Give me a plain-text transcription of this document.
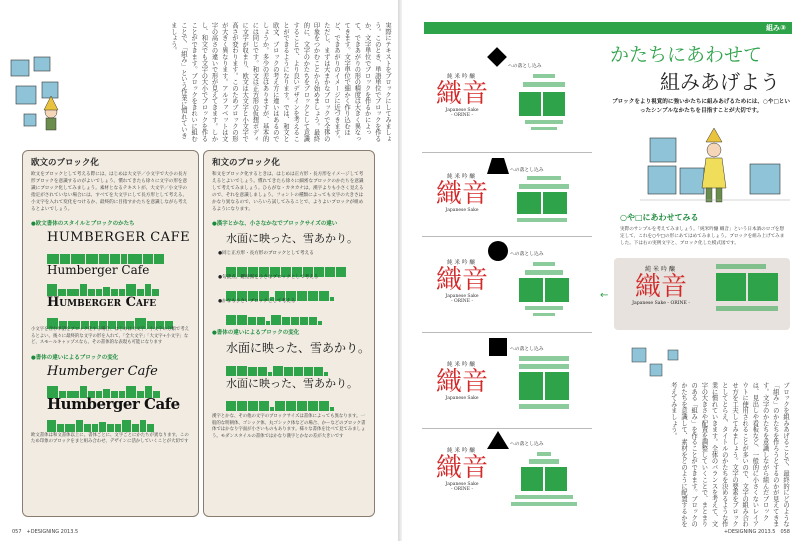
実際にテキストをブロックにしてみましょう。このとき、単語単位でブロックを作るか、文字単位でブロックを作るかによって、できあがりの形の精度は大きく異なってきます。文字単位で細かく作り込むほど、できあがりのイメージに近づきます。ただし、まずは大まかなブロックで全体の印象をつかむことから始めましょう。最終的に、文字のかたちをブロックとして意識することで、より良いデザインを考えることができるようになります。では、和文と欧文、ブロックの考え方に違いはあるのでしょうか。多少の差はありますが、基本的には同じです。和文は正方形の仮想ボディに文字が収まり、欧文は大文字と小文字で高さが変わります。このためブロックの形が大きく異なります。アルファベットは文字の高さの違いで形が見えてきます。しかし、和文でも文字の大小でブロックを作ることができます。ブロックをきれいに組むことで、「組み」という作業に慣れていきましょう。
欧文のブロック化
欧文をブロックとして考える際には、はじめは大文字／小文字で大小の長方形ブロックを意識するのがよいでしょう。慣れてきたら徐々に文字の形を意識にブロック化してみましょう。素材となるテキストが、大文字／小文字の指定がされていない場合には、すべてを大文字にして長方形として考える、小文字を入れて変化をつけるか、最終的に目指すかたちを意識しながら考えるとよいでしょう。
●欧文書体のスタイルとブロックのかたち
HUMBERGER CAFE
Humberger Cafe
Humberger Cafe
小文字を含む単語をブロック化する場合、はじめは大文字／小文字の分類で考えるとよい。後々に最終的な文字の形を入れて、「全大文字」「大文字+小文字」など、スモールキャップスなら、その書体的な表現も可能になります
●書体の違いによるブロックの変化
Humberger Cafe
Humberger Cafe
欧文書体は和文書体以上に、書体ごとに、文字ごとにかたちが異なります。このため印象のブロックをまと組み合わせ、デザインに活かしていくことが大切です
和文のブロック化
和文をブロック化するときは、はじめは正方形・長方形をイメージして考えるとよいでしょう。慣れてきたら徐々に細密なブロックのかたちを意識して考えてみましょう。ひらがな・カタカナは、漢字よりも小さく見えるので、それを意識しましょう。フォントの種類によっても文字の大きさはかなり異なるので、いろいろ試してみることで、よりよいブロックが組めるようになります。
●漢字とかな、小さなかなでブロックサイズの違い
水面に映った、雪あかり。
●同じ正方形・長方形のブロックとして考える
●句読点、鍵括弧を小さなブロックとして考える
●かなも小さいブロックとして考える
●書体の違いによるブロックの変化
水面に映った、雪あかり。
水面に映った、雪あかり。
漢字とかな、その他の文字のブロックサイズは書体によっても異なります。一般的な明朝体、ゴシック体、丸ゴシック体などの場合、かーなどのブロック書体ではかなり字面が小さいものもあります。様々な書体を比べて見てみましょう。モダンスタイルの書体ではかなり漢字とかなの差が大きいです
057　+DESIGNING 2013.5
組み③
への落とし込み
純米吟醸
織音
Japanese Sake
- ORINE -
への落とし込み
純米吟醸
織音
Japanese Sake
への落とし込み
純米吟醸
織音
Japanese Sake
- ORINE -
への落とし込み
純米吟醸
織音
Japanese Sake
への落とし込み
純米吟醸
織音
Japanese Sake
- ORINE -
かたちにあわせて
組みあげよう
ブロックをより視覚的に強いかたちに組みあげるためには、○や□といったシンプルなかたちを目指すことが大切です。
○や□にあわせてみる
実際のサンプルを考えてみましょう。「純米吟醸 織音」という日本酒のロゴを想定して、これを○や□の形にあてはめてみましょう。ブロックを組み上げてみました。下は右の実例文字と、ブロック化した模式図です。
←
純米吟醸
織音
Japanese Sake - ORINE -
ブロックを組みあげることで、最終的にどのような「組み」のかたちを作ろうとするのかが見えてきます。文字のかたちを意識しながら組んだブロックは、見出しや看板など、一般的に小さくないレイアウトに使用されることが多いので、文字の組み合わせ方を工夫してみましょう。文字の要素をブロックとしてとらえ、タイトルのかたちを決めるような作業に慣れていきます。全体のバランスを考えて、文字の大きさや配置を調整していくことで、まとまりのある「組み」を作ることができます。ブロックのかたちを意識して、素材をどのように配置するかを考えてみましょう。
+DESIGNING 2013.5　058
